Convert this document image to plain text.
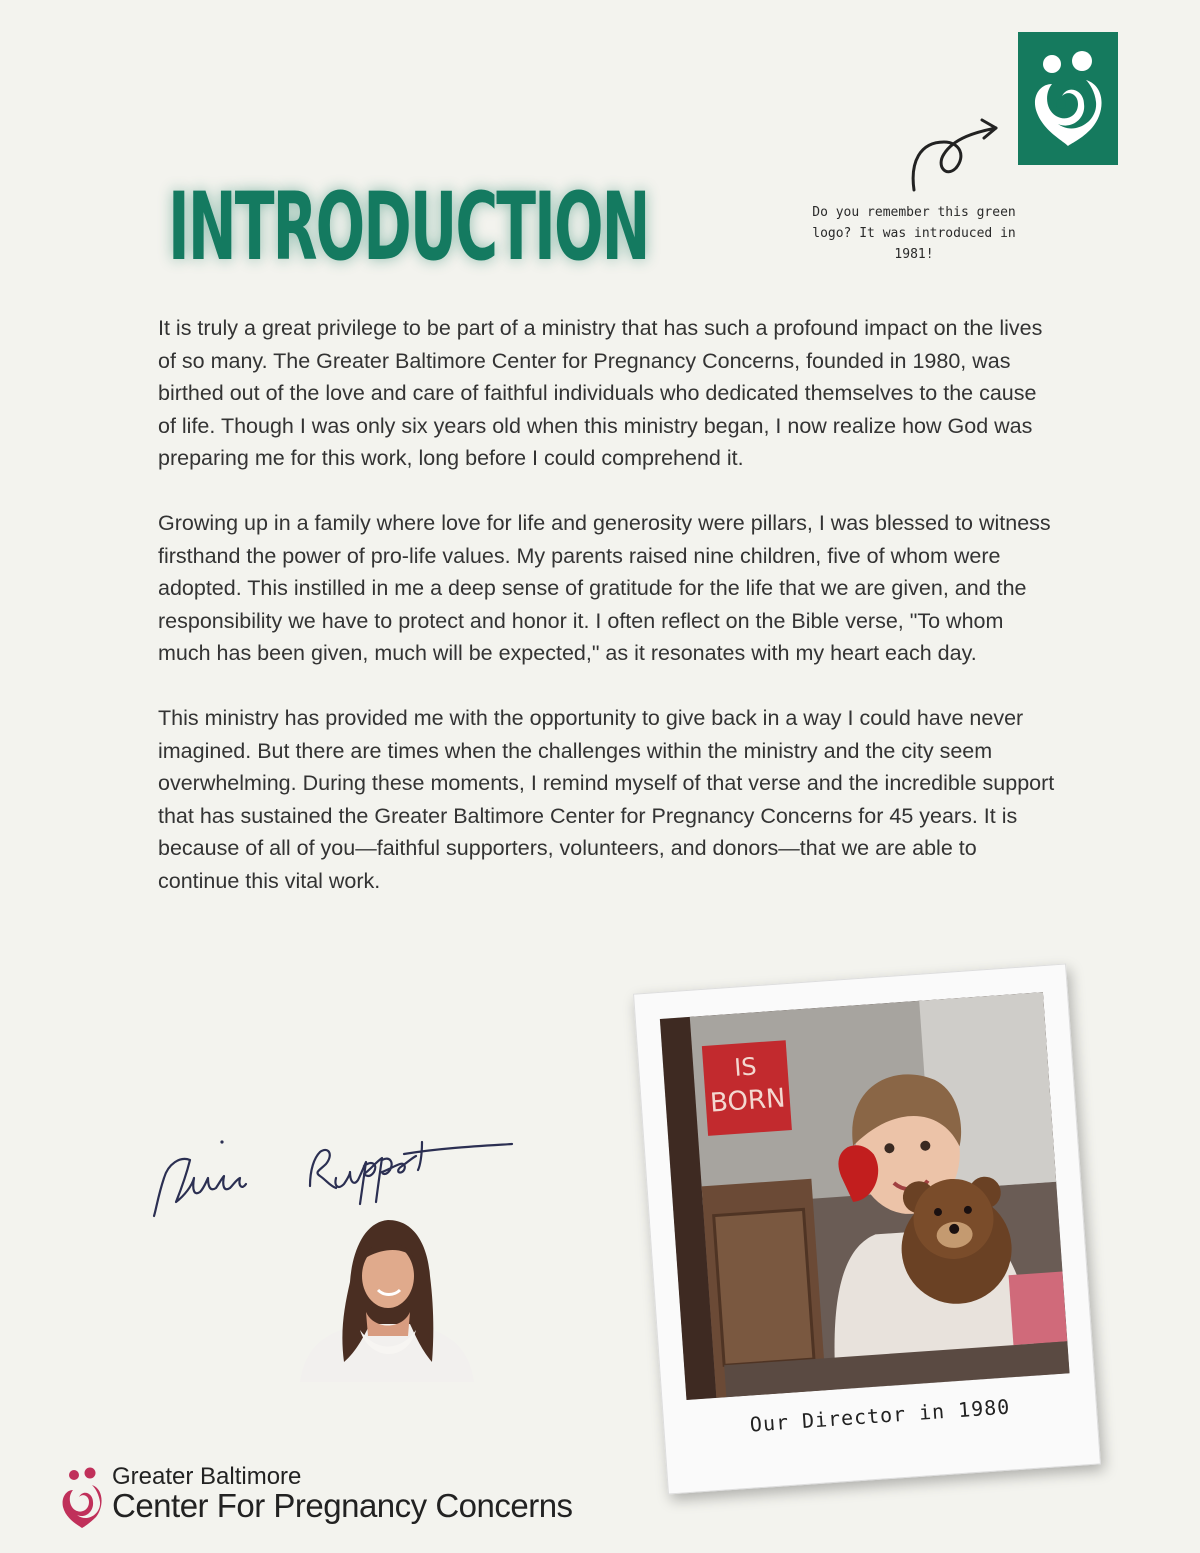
Do you remember this green logo? It was introduced in 1981!
INTRODUCTION

It is truly a great privilege to be part of a ministry that has such a profound impact on the lives of so many. The Greater Baltimore Center for Pregnancy Concerns, founded in 1980, was birthed out of the love and care of faithful individuals who dedicated themselves to the cause of life. Though I was only six years old when this ministry began, I now realize how God was preparing me for this work, long before I could comprehend it.

Growing up in a family where love for life and generosity were pillars, I was blessed to witness firsthand the power of pro-life values. My parents raised nine children, five of whom were adopted. This instilled in me a deep sense of gratitude for the life that we are given, and the responsibility we have to protect and honor it. I often reflect on the Bible verse, "To whom much has been given, much will be expected," as it resonates with my heart each day.

This ministry has provided me with the opportunity to give back in a way I could have never imagined. But there are times when the challenges within the ministry and the city seem overwhelming. During these moments, I remind myself of that verse and the incredible support that has sustained the Greater Baltimore Center for Pregnancy Concerns for 45 years. It is because of all of you—faithful supporters, volunteers, and donors—that we are able to continue this vital work.

IS
BORN
Our Director in 1980
Greater Baltimore
Center For Pregnancy Concerns
